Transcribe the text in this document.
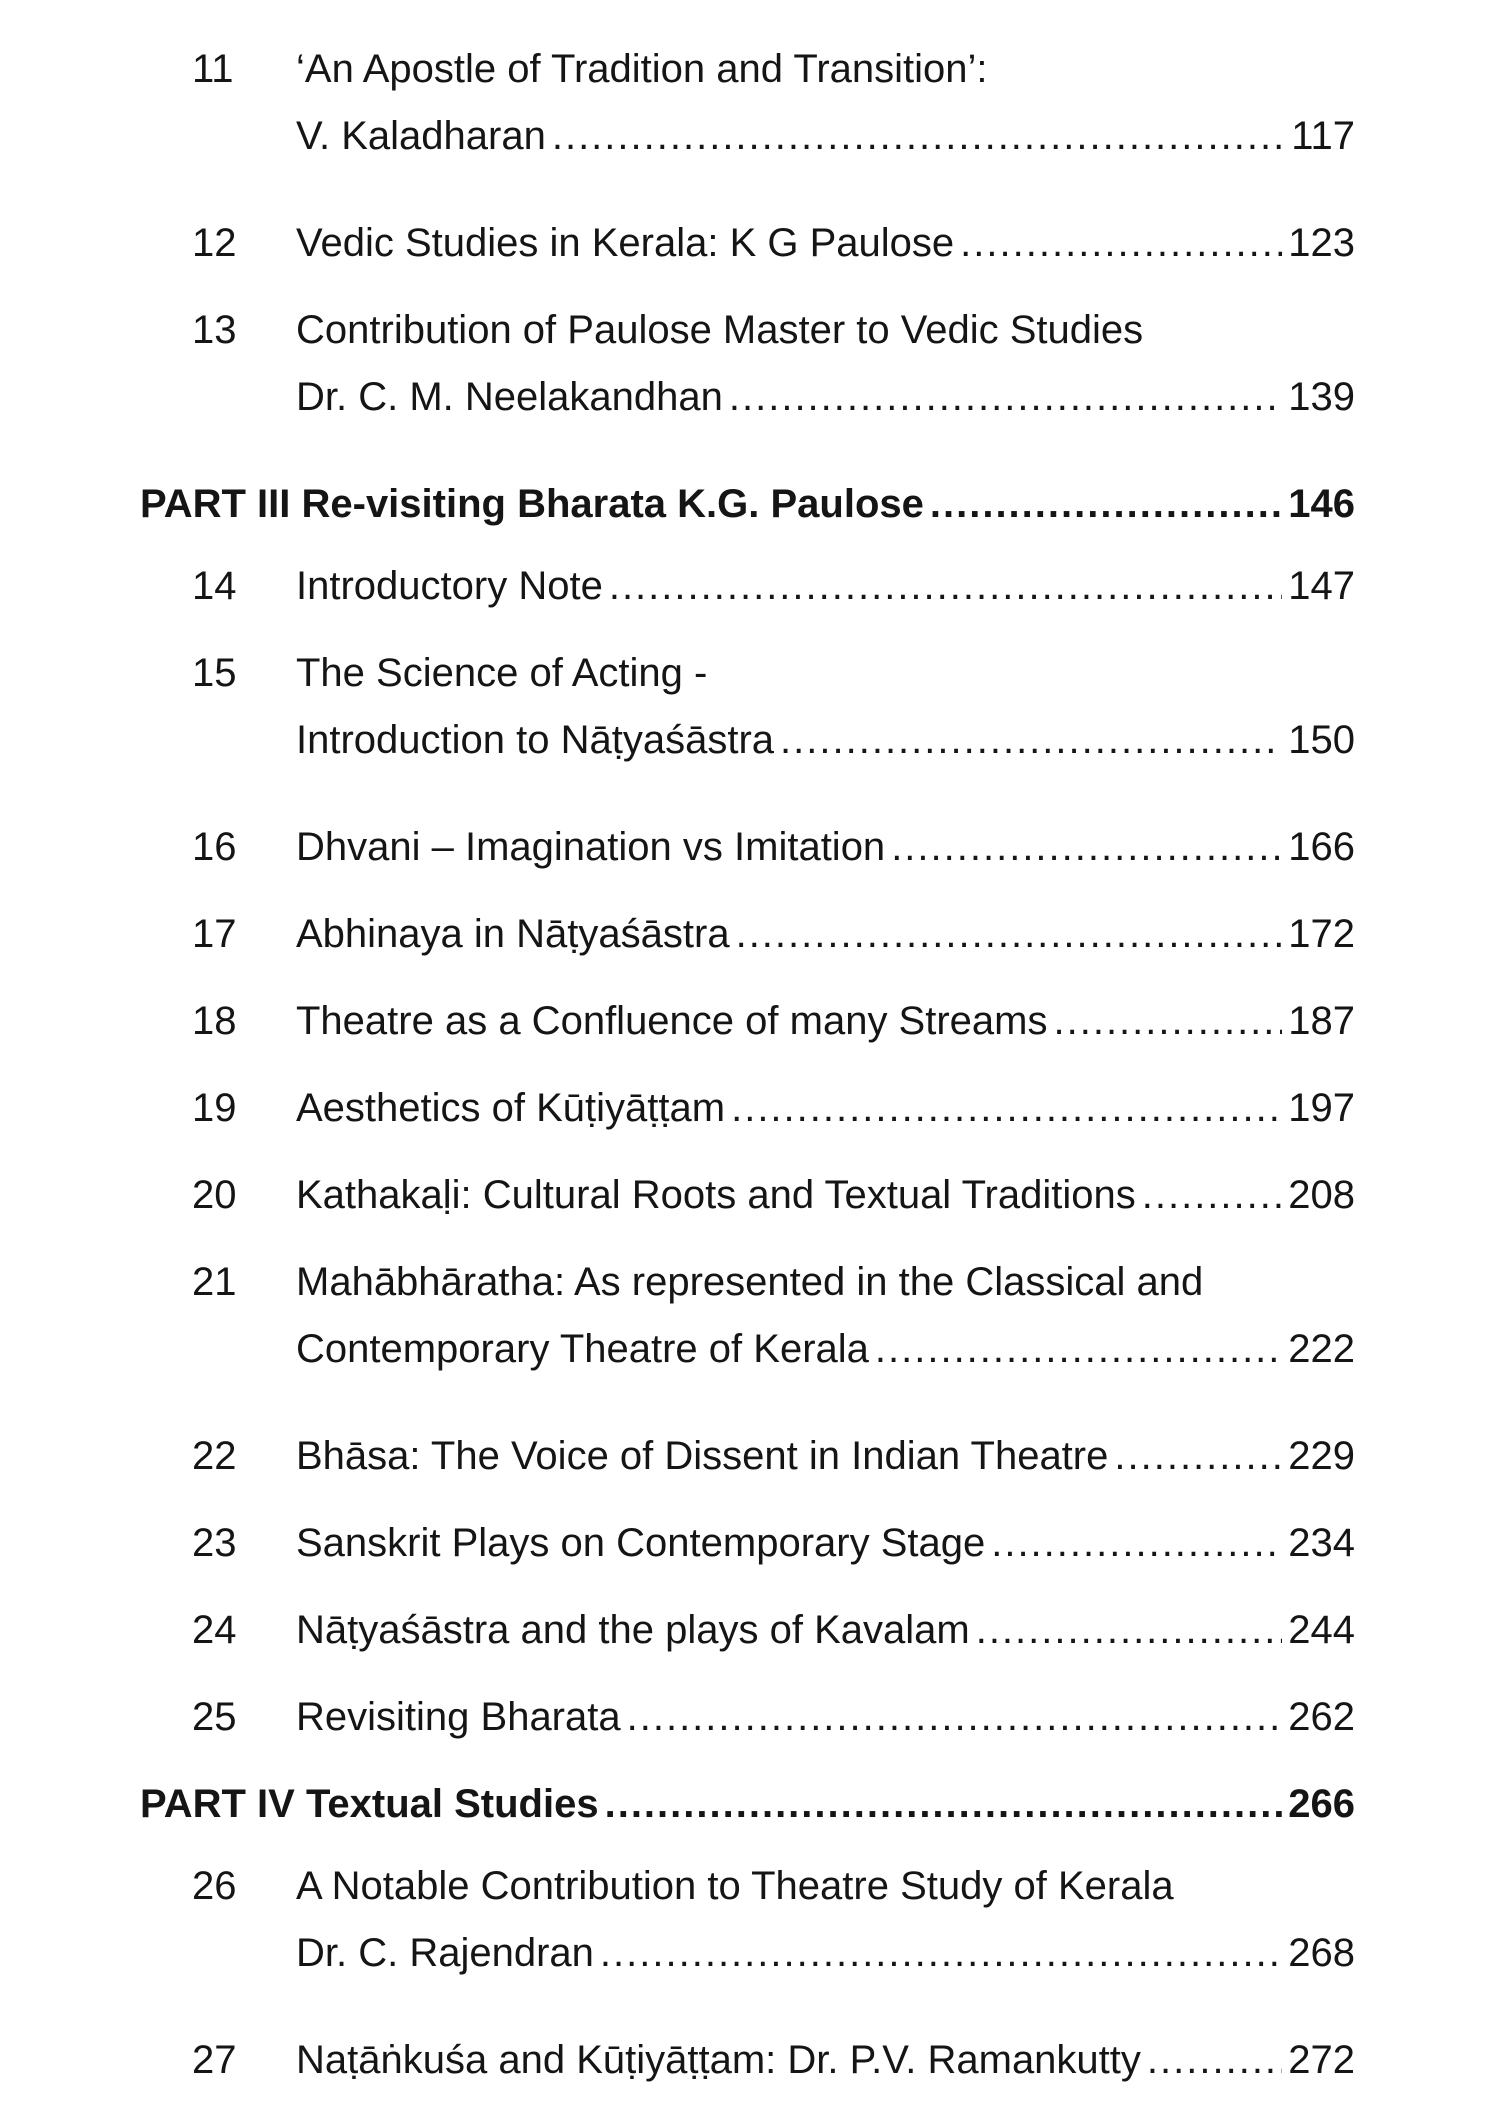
11	‘An Apostle of Tradition and Transition’:
V. Kaladharan .....	117
12	Vedic Studies in Kerala: K G Paulose .....	123
13	Contribution of Paulose Master to Vedic Studies
Dr. C. M. Neelakandhan .....	139
PART III Re-visiting Bharata K.G. Paulose .....	146
14	Introductory Note .....	147
15	The Science of Acting -
Introduction to Nāṭyaśāstra .....	150
16	Dhvani – Imagination vs Imitation .....	166
17	Abhinaya in Nāṭyaśāstra .....	172
18	Theatre as a Confluence of many Streams .....	187
19	Aesthetics of Kūṭiyāṭṭam .....	197
20	Kathakaḷi: Cultural Roots and Textual Traditions .....	208
21	Mahābhāratha: As represented in the Classical and
Contemporary Theatre of Kerala .....	222
22	Bhāsa: The Voice of Dissent in Indian Theatre .....	229
23	Sanskrit Plays on Contemporary Stage .....	234
24	Nāṭyaśāstra and the plays of Kavalam .....	244
25	Revisiting Bharata .....	262
PART IV Textual Studies .....	266
26	A Notable Contribution to Theatre Study of Kerala
Dr. C. Rajendran .....	268
27	Naṭāṅkuśa and Kūṭiyāṭṭam: Dr. P.V. Ramankutty .....	272
